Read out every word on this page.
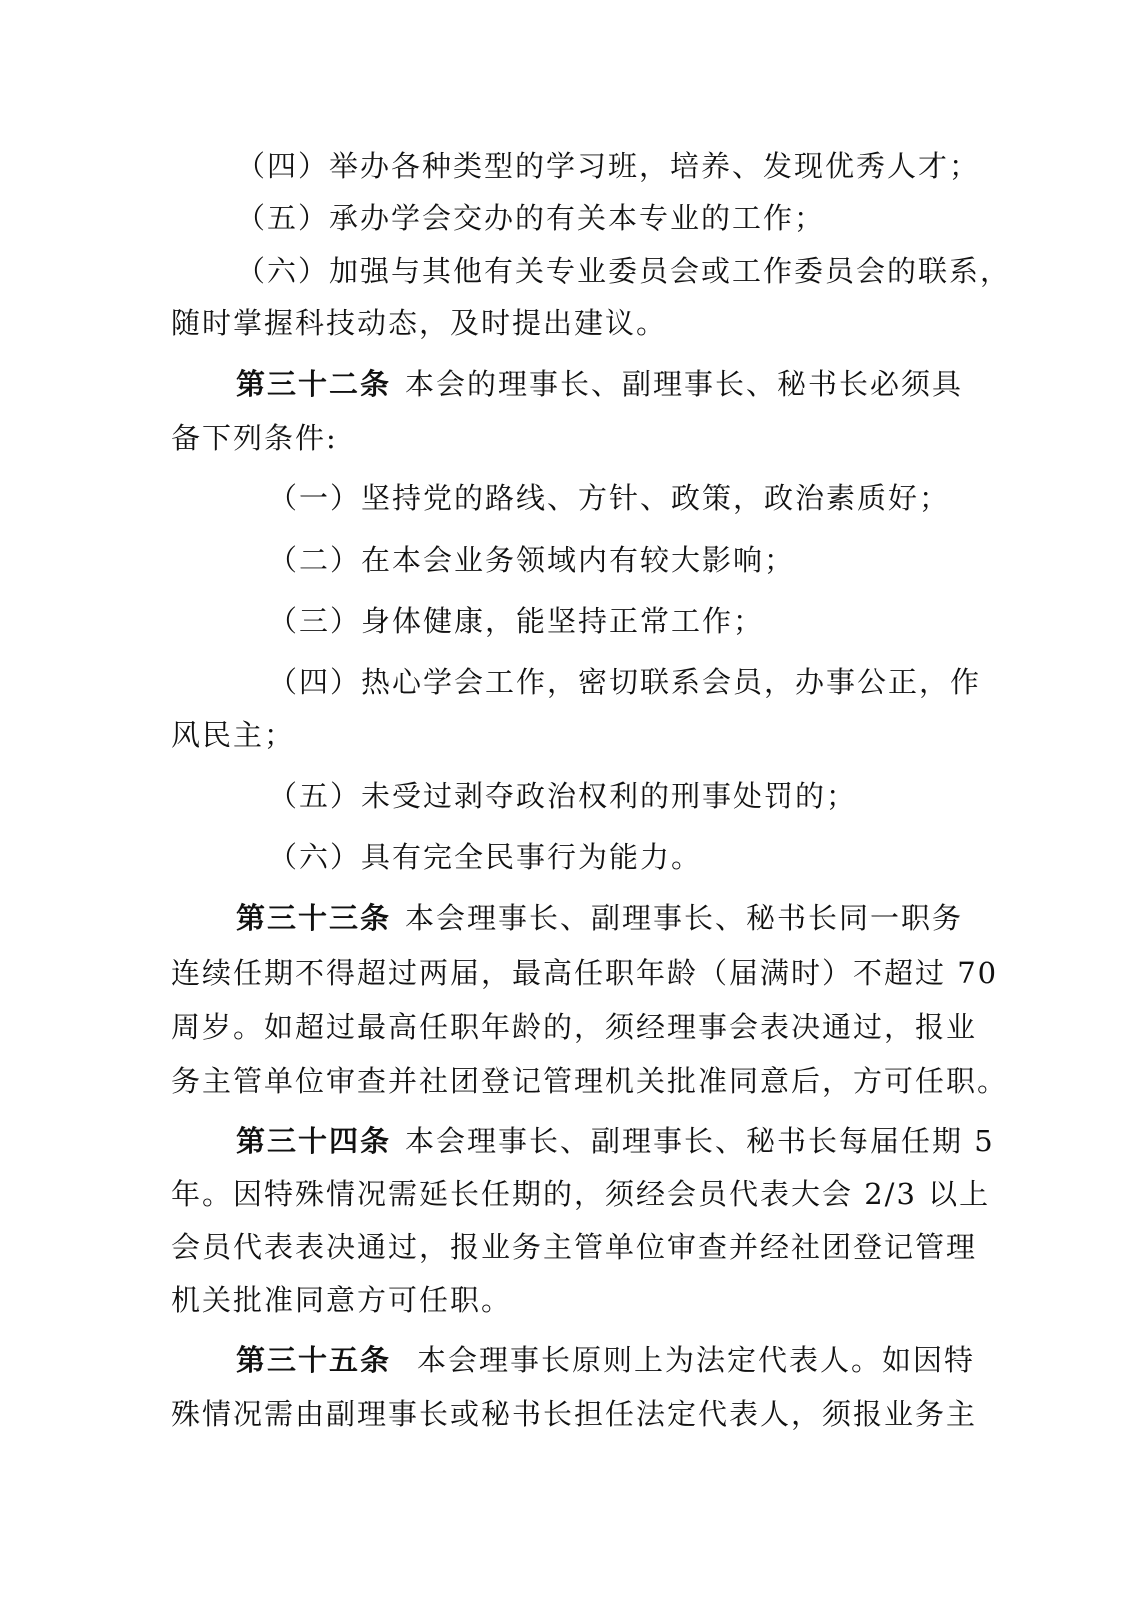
（四）举办各种类型的学习班，培养、发现优秀人才；
（五）承办学会交办的有关本专业的工作；
（六）加强与其他有关专业委员会或工作委员会的联系，
随时掌握科技动态，及时提出建议。
第三十二条 本会的理事长、副理事长、秘书长必须具
备下列条件:
（一）坚持党的路线、方针、政策，政治素质好；
（二）在本会业务领域内有较大影响；
（三）身体健康，能坚持正常工作；
（四）热心学会工作，密切联系会员，办事公正，作
风民主；
（五）未受过剥夺政治权利的刑事处罚的；
（六）具有完全民事行为能力。
第三十三条 本会理事长、副理事长、秘书长同一职务
连续任期不得超过两届，最高任职年龄（届满时）不超过 70
周岁。如超过最高任职年龄的，须经理事会表决通过，报业
务主管单位审查并社团登记管理机关批准同意后，方可任职。
第三十四条 本会理事长、副理事长、秘书长每届任期 5
年。因特殊情况需延长任期的，须经会员代表大会 2/3 以上
会员代表表决通过，报业务主管单位审查并经社团登记管理
机关批准同意方可任职。
第三十五条 本会理事长原则上为法定代表人。如因特
殊情况需由副理事长或秘书长担任法定代表人，须报业务主
